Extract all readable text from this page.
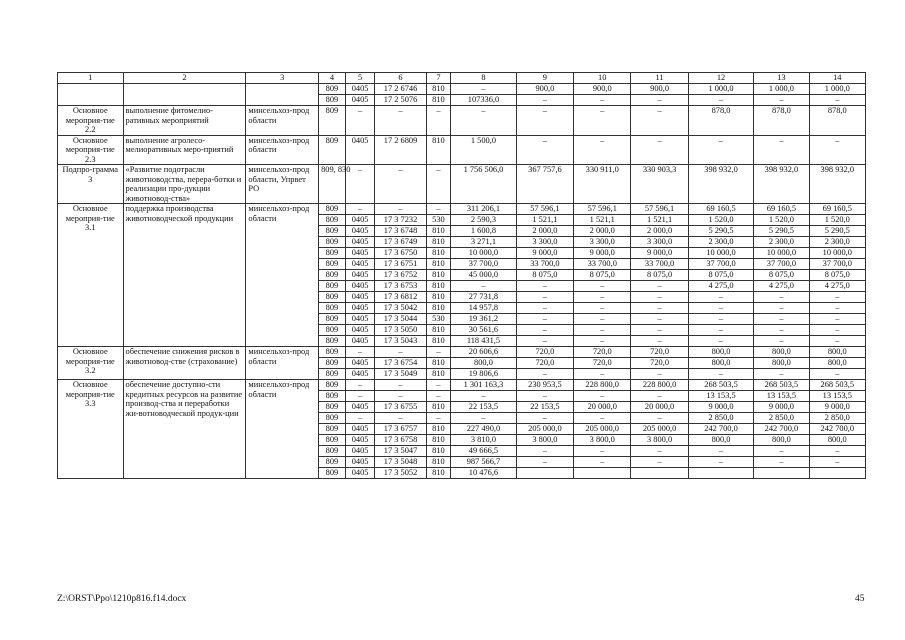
1	2	3	4	5	6	7	8	9	10	11	12	13	14
			809	0405	17 2 6746	810	–	900,0	900,0	900,0	1 000,0	1 000,0	1 000,0
			809	0405	17 2 5076	810	107336,0	–	–	–	–	–	–
Основное мероприя-тие 2.2	выполнение фитомелио-ративных мероприятий	минсельхоз-прод области	809	–	–	–	–	–	–	–	878,0	878,0	878,0
Основное мероприя-тие 2.3	выполнение агролесо-мелиоративных меро-приятий	минсельхоз-прод области	809	0405	17 2 6809	810	1 500,0	–	–	–	–	–	–
Подпро-грамма 3	«Развитие подотрасли животноводства, перера-ботки и реализации про-дукции животновод-ства»	минсельхоз-прод области, Упрвет РО	809, 830	–	–	–	1 756 506,0	367 757,6	330 911,0	330 903,3	398 932,0	398 932,0	398 932,0
Основное мероприя-тие 3.1	поддержка производства животноводческой продукции	минсельхоз-прод области	809	–	–	–	311 206,1	57 596,1	57 596,1	57 596,1	69 160,5	69 160,5	69 160,5
			809	0405	17 3 7232	530	2 590,3	1 521,1	1 521,1	1 521,1	1 520,0	1 520,0	1 520,0
			809	0405	17 3 6748	810	1 600,8	2 000,0	2 000,0	2 000,0	5 290,5	5 290,5	5 290,5
			809	0405	17 3 6749	810	3 271,1	3 300,0	3 300,0	3 300,0	2 300,0	2 300,0	2 300,0
			809	0405	17 3 6750	810	10 000,0	9 000,0	9 000,0	9 000,0	10 000,0	10 000,0	10 000,0
			809	0405	17 3 6751	810	37 700,0	33 700,0	33 700,0	33 700,0	37 700,0	37 700,0	37 700,0
			809	0405	17 3 6752	810	45 000,0	8 075,0	8 075,0	8 075,0	8 075,0	8 075,0	8 075,0
			809	0405	17 3 6753	810	–	–	–	–	4 275,0	4 275,0	4 275,0
			809	0405	17 3 6812	810	27 731,8	–	–	–	–	–	–
			809	0405	17 3 5042	810	14 957,8	–	–	–	–	–	–
			809	0405	17 3 5044	530	19 361,2	–	–	–	–	–	–
			809	0405	17 3 5050	810	30 561,6	–	–	–	–	–	–
			809	0405	17 3 5043	810	118 431,5	–	–	–	–	–	–
Основное мероприя-тие 3.2	обеспечение снижения рисков в животновод-стве (страхование)	минсельхоз-прод области	809	–	–	–	20 606,6	720,0	720,0	720,0	800,0	800,0	800,0
			809	0405	17 3 6754	810	800,0	720,0	720,0	720,0	800,0	800,0	800,0
			809	0405	17 3 5049	810	19 806,6	–	–	–	–	–	–
Основное мероприя-тие 3.3	обеспечение доступно-сти кредитных ресурсов на развитие производ-ства и переработки жи-вотноводческой продук-ции	минсельхоз-прод области	809	–	–	–	1 301 163,3	230 953,5	228 800,0	228 800,0	268 503,5	268 503,5	268 503,5
			809	–	–	–	–	–	–	–	13 153,5	13 153,5	13 153,5
			809	0405	17 3 6755	810	22 153,5	22 153,5	20 000,0	20 000,0	9 000,0	9 000,0	9 000,0
			809	–	–	–	–	–	–	–	2 850,0	2 850,0	2 850,0
			809	0405	17 3 6757	810	227 490,0	205 000,0	205 000,0	205 000,0	242 700,0	242 700,0	242 700,0
			809	0405	17 3 6758	810	3 810,0	3 800,0	3 800,0	3 800,0	800,0	800,0	800,0
			809	0405	17 3 5047	810	49 666,5	–	–	–	–	–	–
			809	0405	17 3 5048	810	987 566,7	–	–	–	–	–	–
			809	0405	17 3 5052	810	10 476,6						
Z:\ORST\Ppo\1210p816.f14.docx	45
